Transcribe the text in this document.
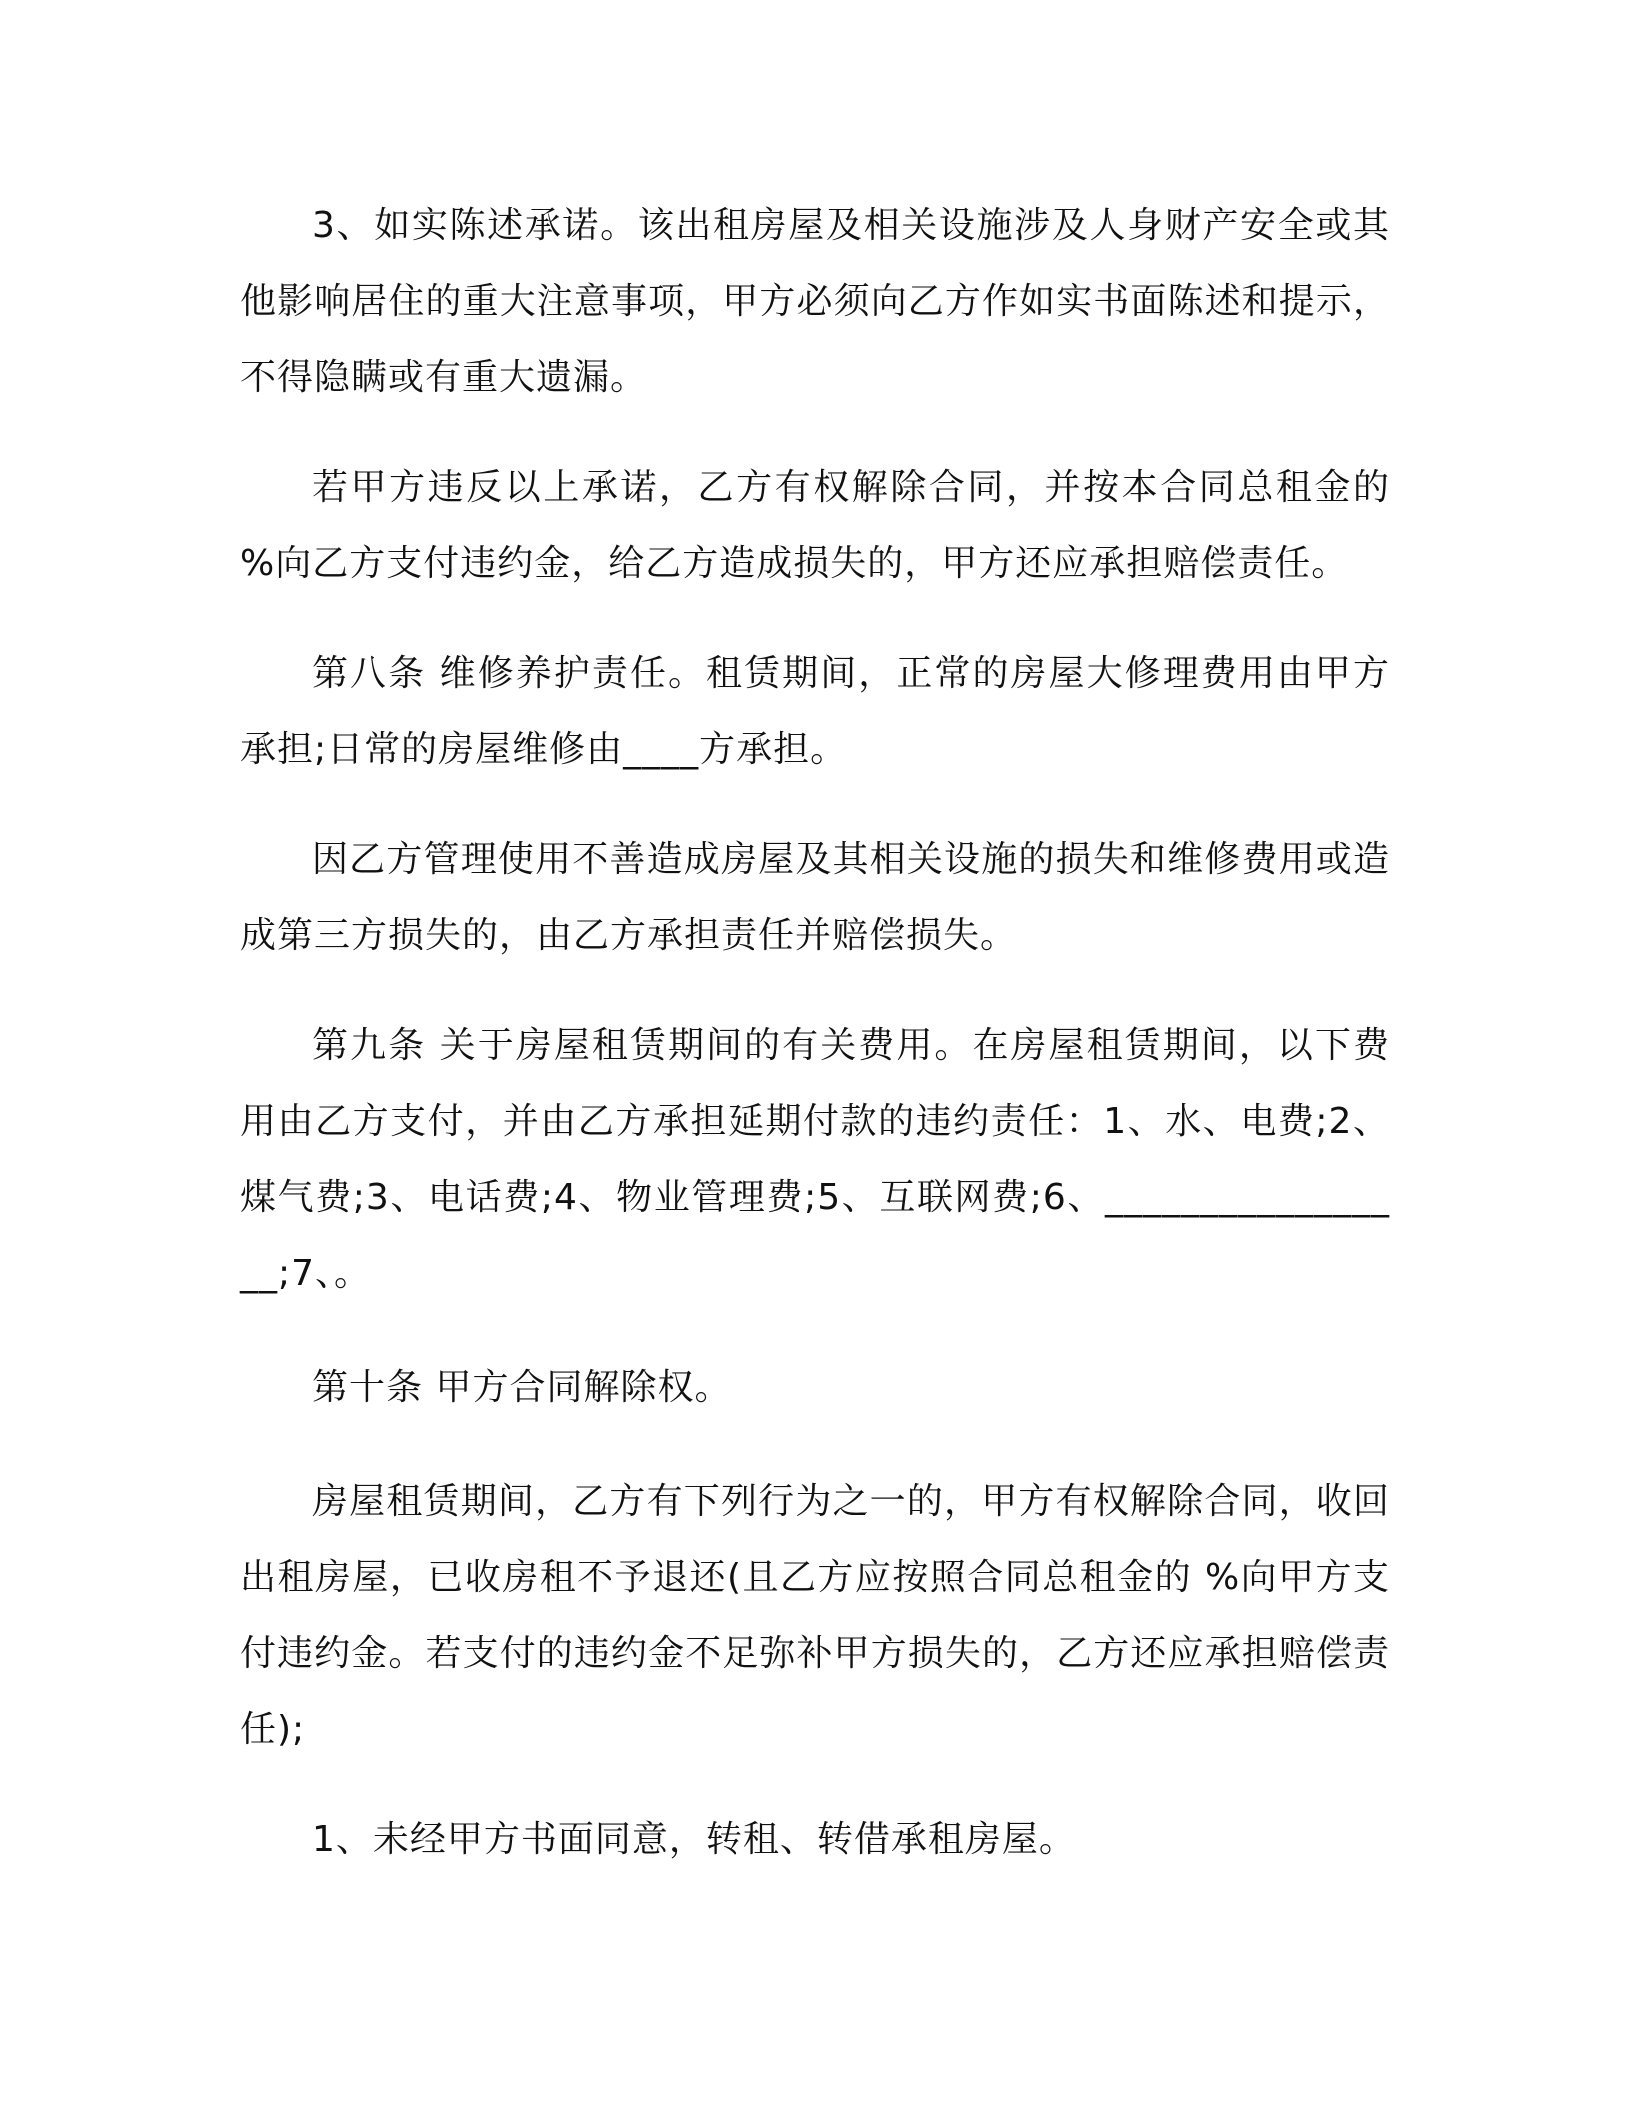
3、如实陈述承诺。该出租房屋及相关设施涉及人身财产安全或其他影响居住的重大注意事项，甲方必须向乙方作如实书面陈述和提示，不得隐瞒或有重大遗漏。

若甲方违反以上承诺，乙方有权解除合同，并按本合同总租金的 %向乙方支付违约金，给乙方造成损失的，甲方还应承担赔偿责任。

第八条 维修养护责任。租赁期间，正常的房屋大修理费用由甲方承担;日常的房屋维修由____方承担。

因乙方管理使用不善造成房屋及其相关设施的损失和维修费用或造成第三方损失的，由乙方承担责任并赔偿损失。

第九条 关于房屋租赁期间的有关费用。在房屋租赁期间，以下费用由乙方支付，并由乙方承担延期付款的违约责任：1、水、电费;2、煤气费;3、电话费;4、物业管理费;5、互联网费;6、_________________;7、。

第十条 甲方合同解除权。

房屋租赁期间，乙方有下列行为之一的，甲方有权解除合同，收回出租房屋，已收房租不予退还(且乙方应按照合同总租金的 %向甲方支付违约金。若支付的违约金不足弥补甲方损失的，乙方还应承担赔偿责任);

1、未经甲方书面同意，转租、转借承租房屋。
